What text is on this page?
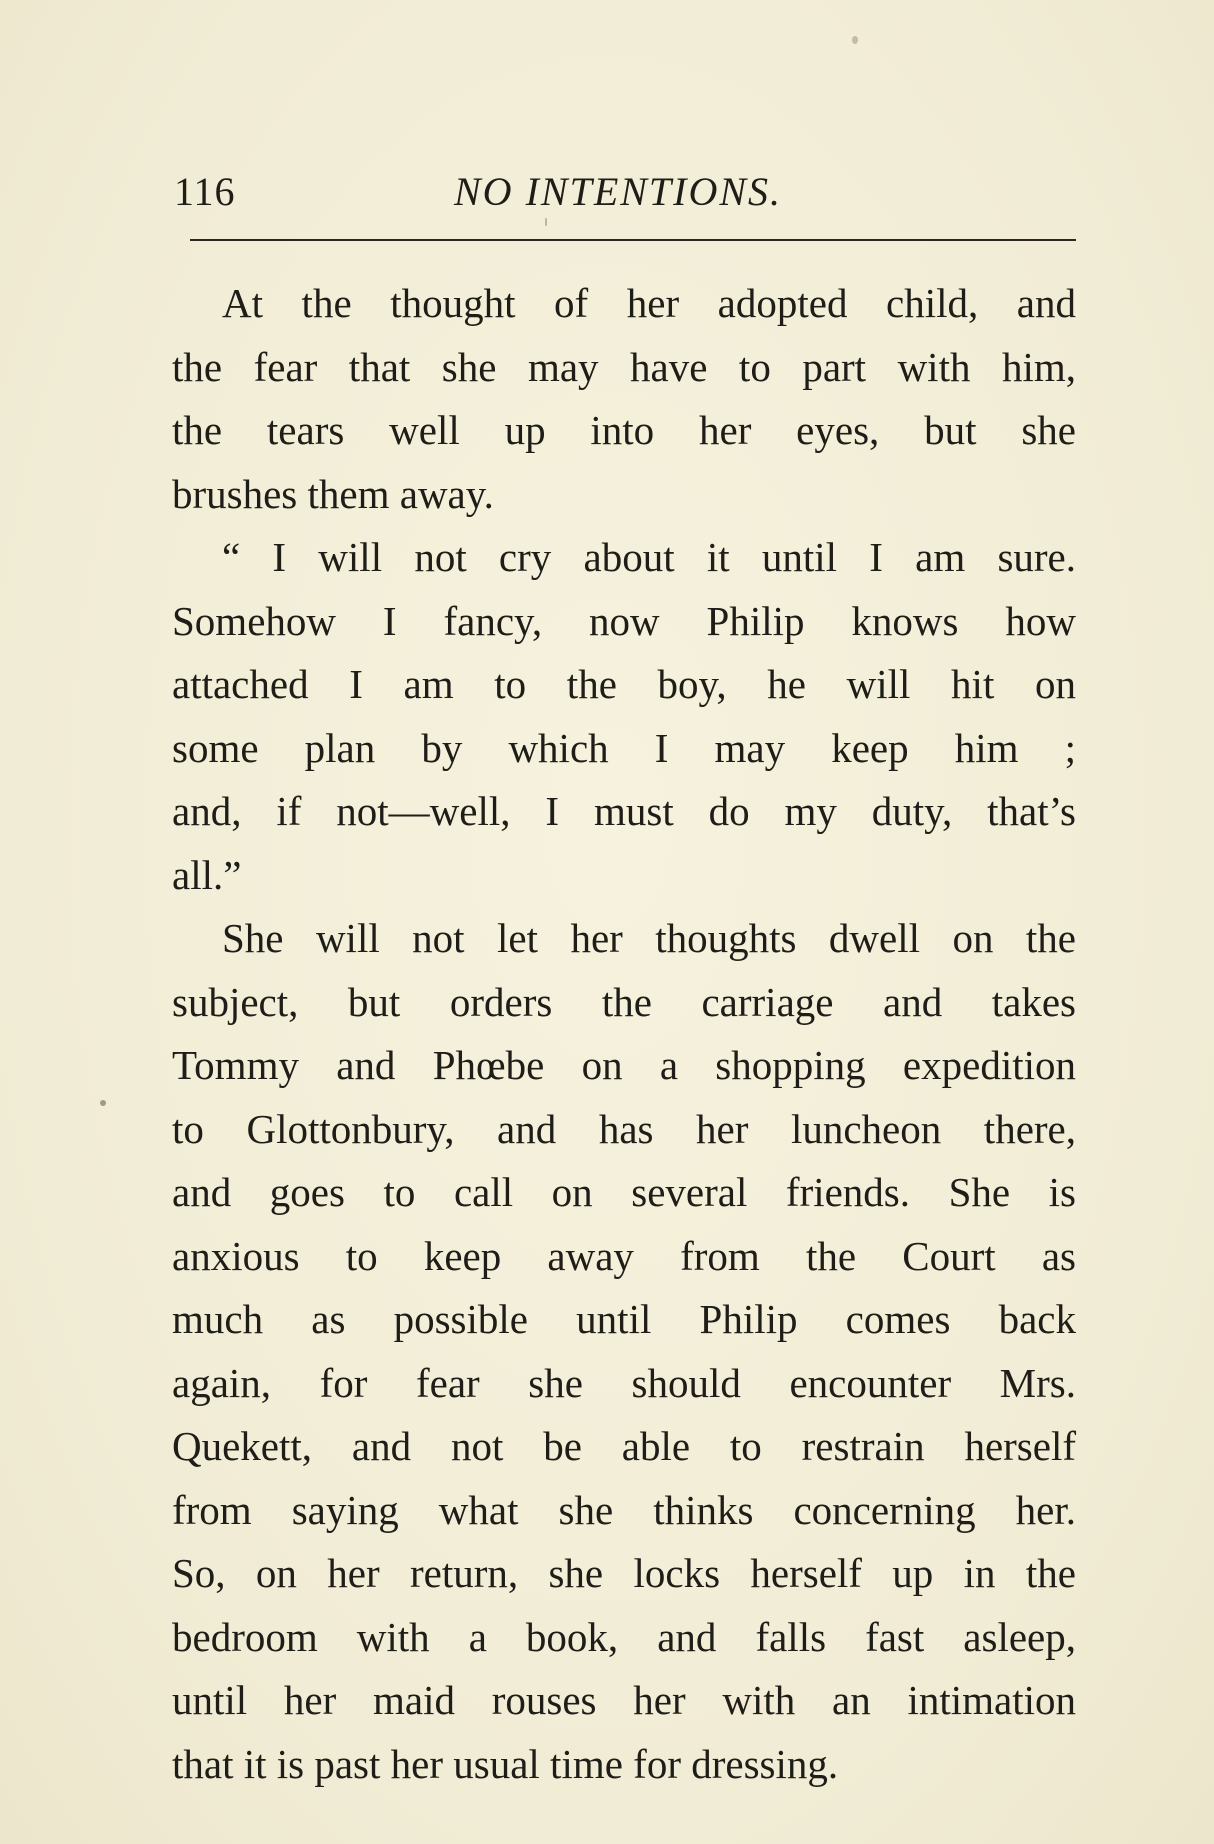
116	NO INTENTIONS.
At the thought of her adopted child, and
the fear that she may have to part with him,
the tears well up into her eyes, but she
brushes them away.
“ I will not cry about it until I am sure.
Somehow I fancy, now Philip knows how
attached I am to the boy, he will hit on
some plan by which I may keep him ;
and, if not—well, I must do my duty, that’s
all.”
She will not let her thoughts dwell on the
subject, but orders the carriage and takes
Tommy and Phœbe on a shopping expedition
to Glottonbury, and has her luncheon there,
and goes to call on several friends. She is
anxious to keep away from the Court as
much as possible until Philip comes back
again, for fear she should encounter Mrs.
Quekett, and not be able to restrain herself
from saying what she thinks concerning her.
So, on her return, she locks herself up in the
bedroom with a book, and falls fast asleep,
until her maid rouses her with an intimation
that it is past her usual time for dressing.
